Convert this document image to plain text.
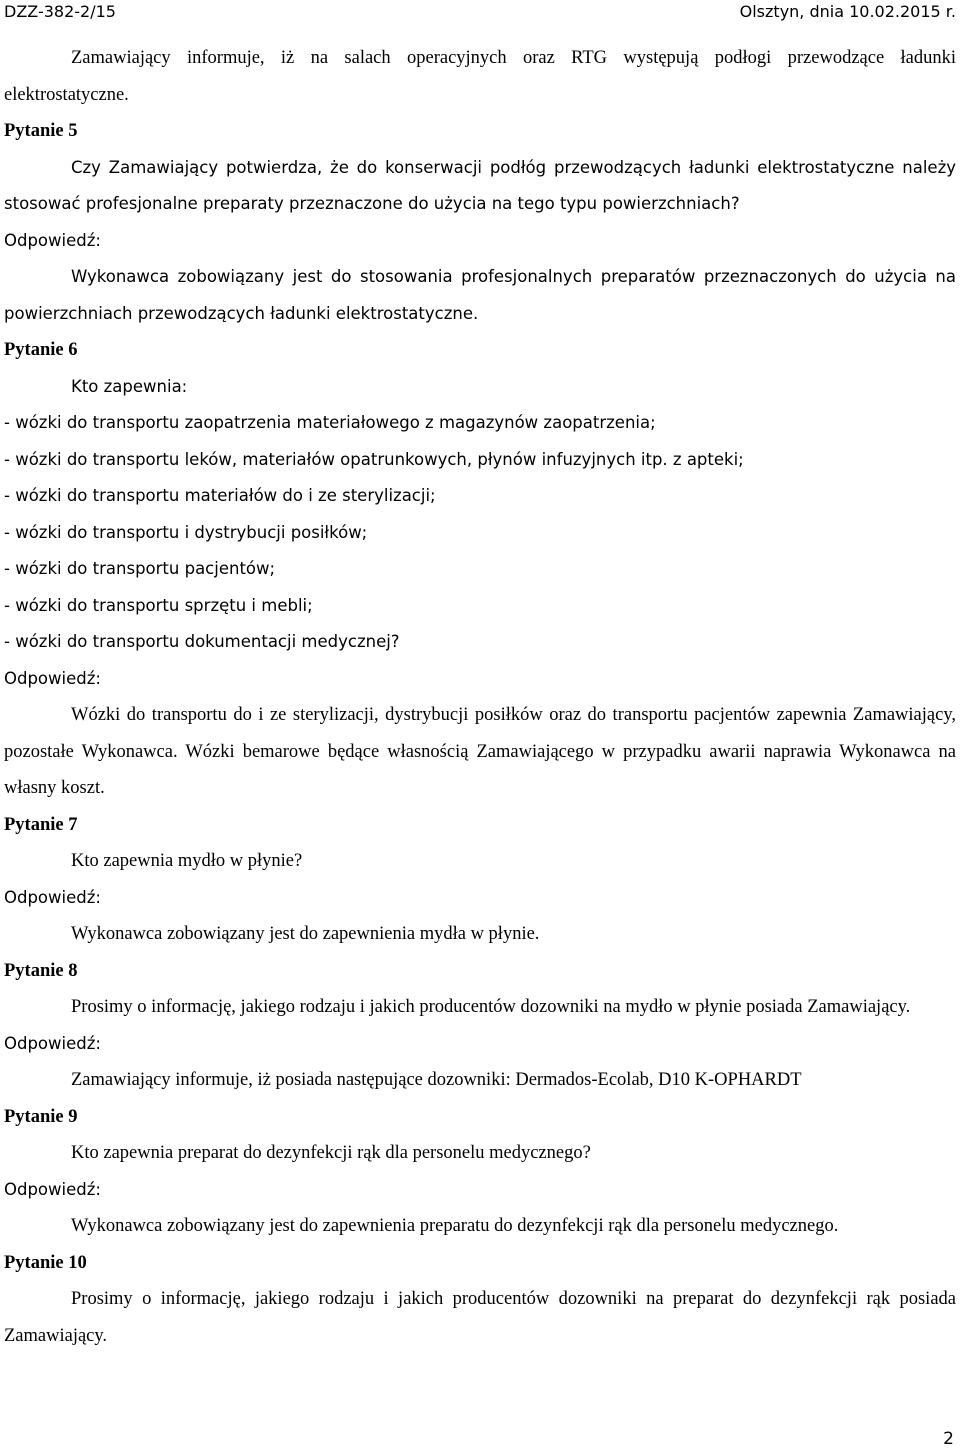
DZZ-382-2/15	Olsztyn, dnia 10.02.2015 r.

Zamawiający informuje, iż na salach operacyjnych oraz RTG występują podłogi przewodzące ładunki elektrostatyczne.

Pytanie 5

Czy Zamawiający potwierdza, że do konserwacji podłóg przewodzących ładunki elektrostatyczne należy stosować profesjonalne preparaty przeznaczone do użycia na tego typu powierzchniach?

Odpowiedź:

Wykonawca zobowiązany jest do stosowania profesjonalnych preparatów przeznaczonych do użycia na powierzchniach przewodzących ładunki elektrostatyczne.

Pytanie 6

Kto zapewnia:

- wózki do transportu zaopatrzenia materiałowego z magazynów zaopatrzenia;

- wózki do transportu leków, materiałów opatrunkowych, płynów infuzyjnych itp. z apteki;

- wózki do transportu materiałów do i ze sterylizacji;

- wózki do transportu i dystrybucji posiłków;

- wózki do transportu pacjentów;

- wózki do transportu sprzętu i mebli;

- wózki do transportu dokumentacji medycznej?

Odpowiedź:

Wózki do transportu do i ze sterylizacji, dystrybucji posiłków oraz do transportu pacjentów zapewnia Zamawiający, pozostałe Wykonawca. Wózki bemarowe będące własnością Zamawiającego w przypadku awarii naprawia Wykonawca na własny koszt.

Pytanie 7

Kto zapewnia mydło w płynie?

Odpowiedź:

Wykonawca zobowiązany jest do zapewnienia mydła w płynie.

Pytanie 8

Prosimy o informację, jakiego rodzaju i jakich producentów dozowniki na mydło w płynie posiada Zamawiający.

Odpowiedź:

Zamawiający informuje, iż posiada następujące dozowniki: Dermados-Ecolab, D10 K-OPHARDT

Pytanie 9

Kto zapewnia preparat do dezynfekcji rąk dla personelu medycznego?

Odpowiedź:

Wykonawca zobowiązany jest do zapewnienia preparatu do dezynfekcji rąk dla personelu medycznego.

Pytanie 10

Prosimy o informację, jakiego rodzaju i jakich producentów dozowniki na preparat do dezynfekcji rąk posiada Zamawiający.

2
